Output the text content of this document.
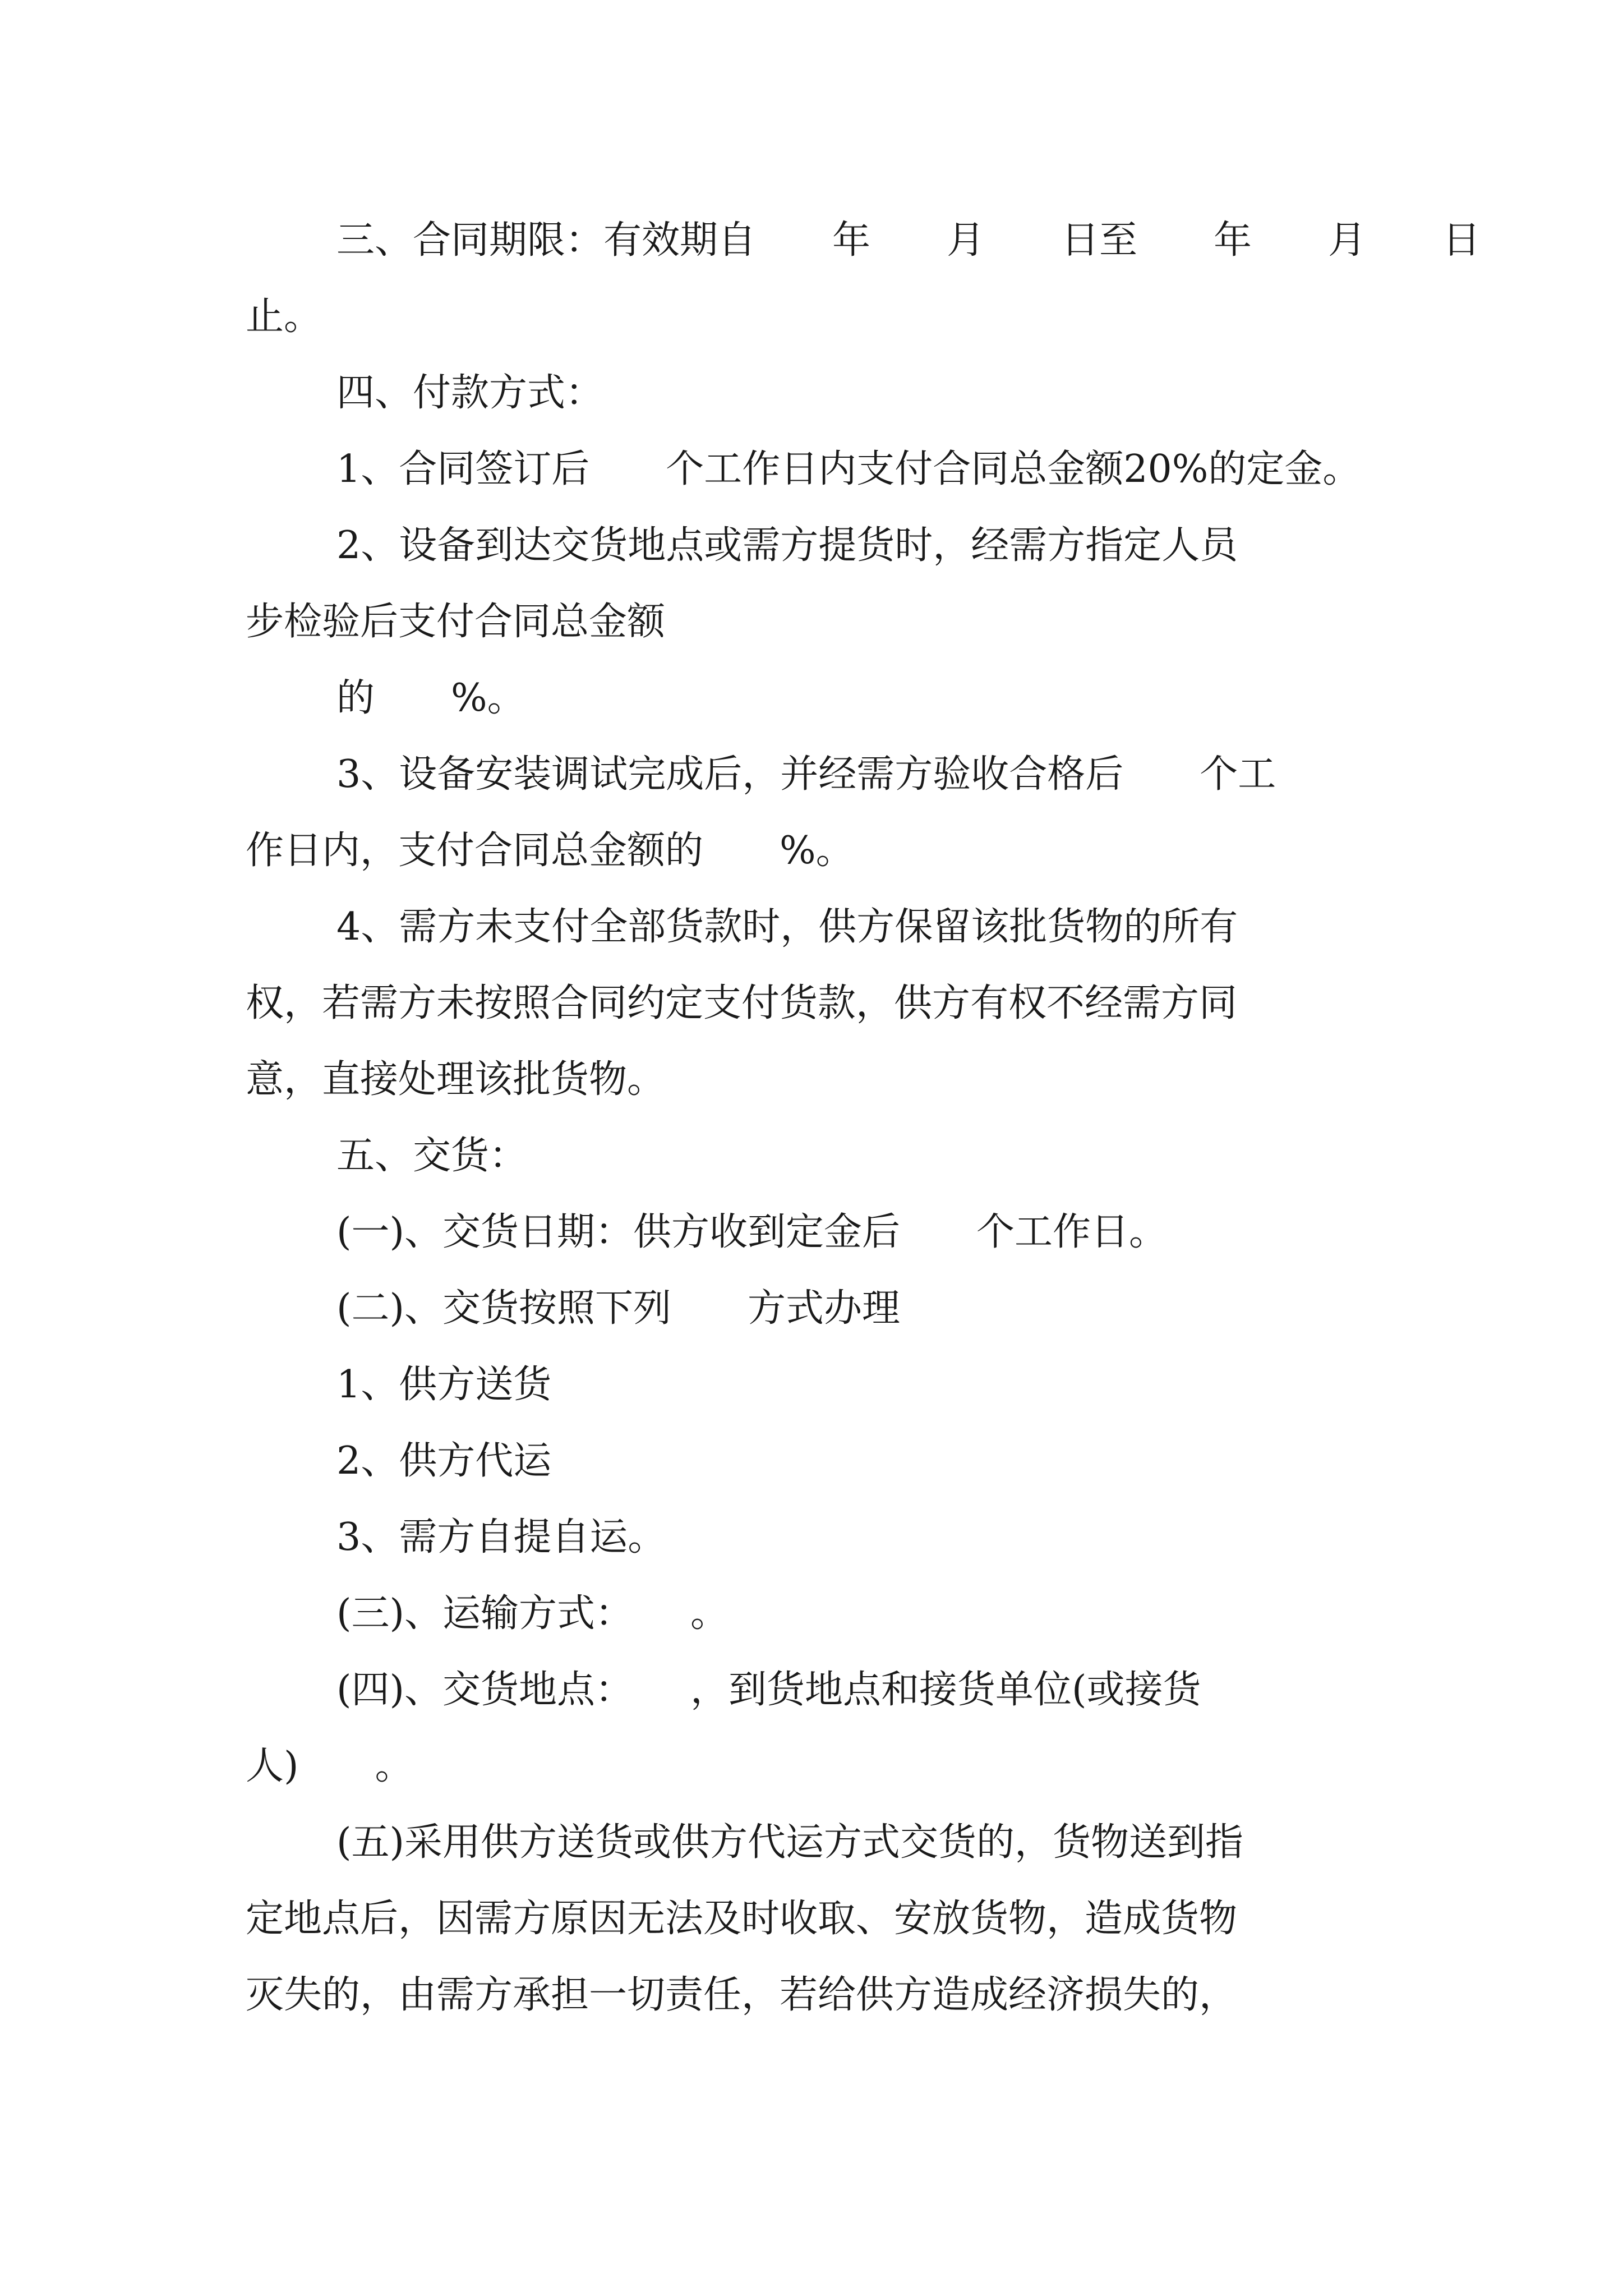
三、合同期限：有效期自　　年　　月　　日至　　年　　月　　日
止。
四、付款方式：
1、合同签订后　　个工作日内支付合同总金额20%的定金。
2、设备到达交货地点或需方提货时，经需方指定人员
步检验后支付合同总金额
的　　%。
3、设备安装调试完成后，并经需方验收合格后　　个工
作日内，支付合同总金额的　　%。
4、需方未支付全部货款时，供方保留该批货物的所有
权，若需方未按照合同约定支付货款，供方有权不经需方同
意，直接处理该批货物。
五、交货：
(一)、交货日期：供方收到定金后　　个工作日。
(二)、交货按照下列　　方式办理
1、供方送货
2、供方代运
3、需方自提自运。
(三)、运输方式：　　。
(四)、交货地点：　　，到货地点和接货单位(或接货
人)　　。
(五)采用供方送货或供方代运方式交货的，货物送到指
定地点后，因需方原因无法及时收取、安放货物，造成货物
灭失的，由需方承担一切责任，若给供方造成经济损失的，
